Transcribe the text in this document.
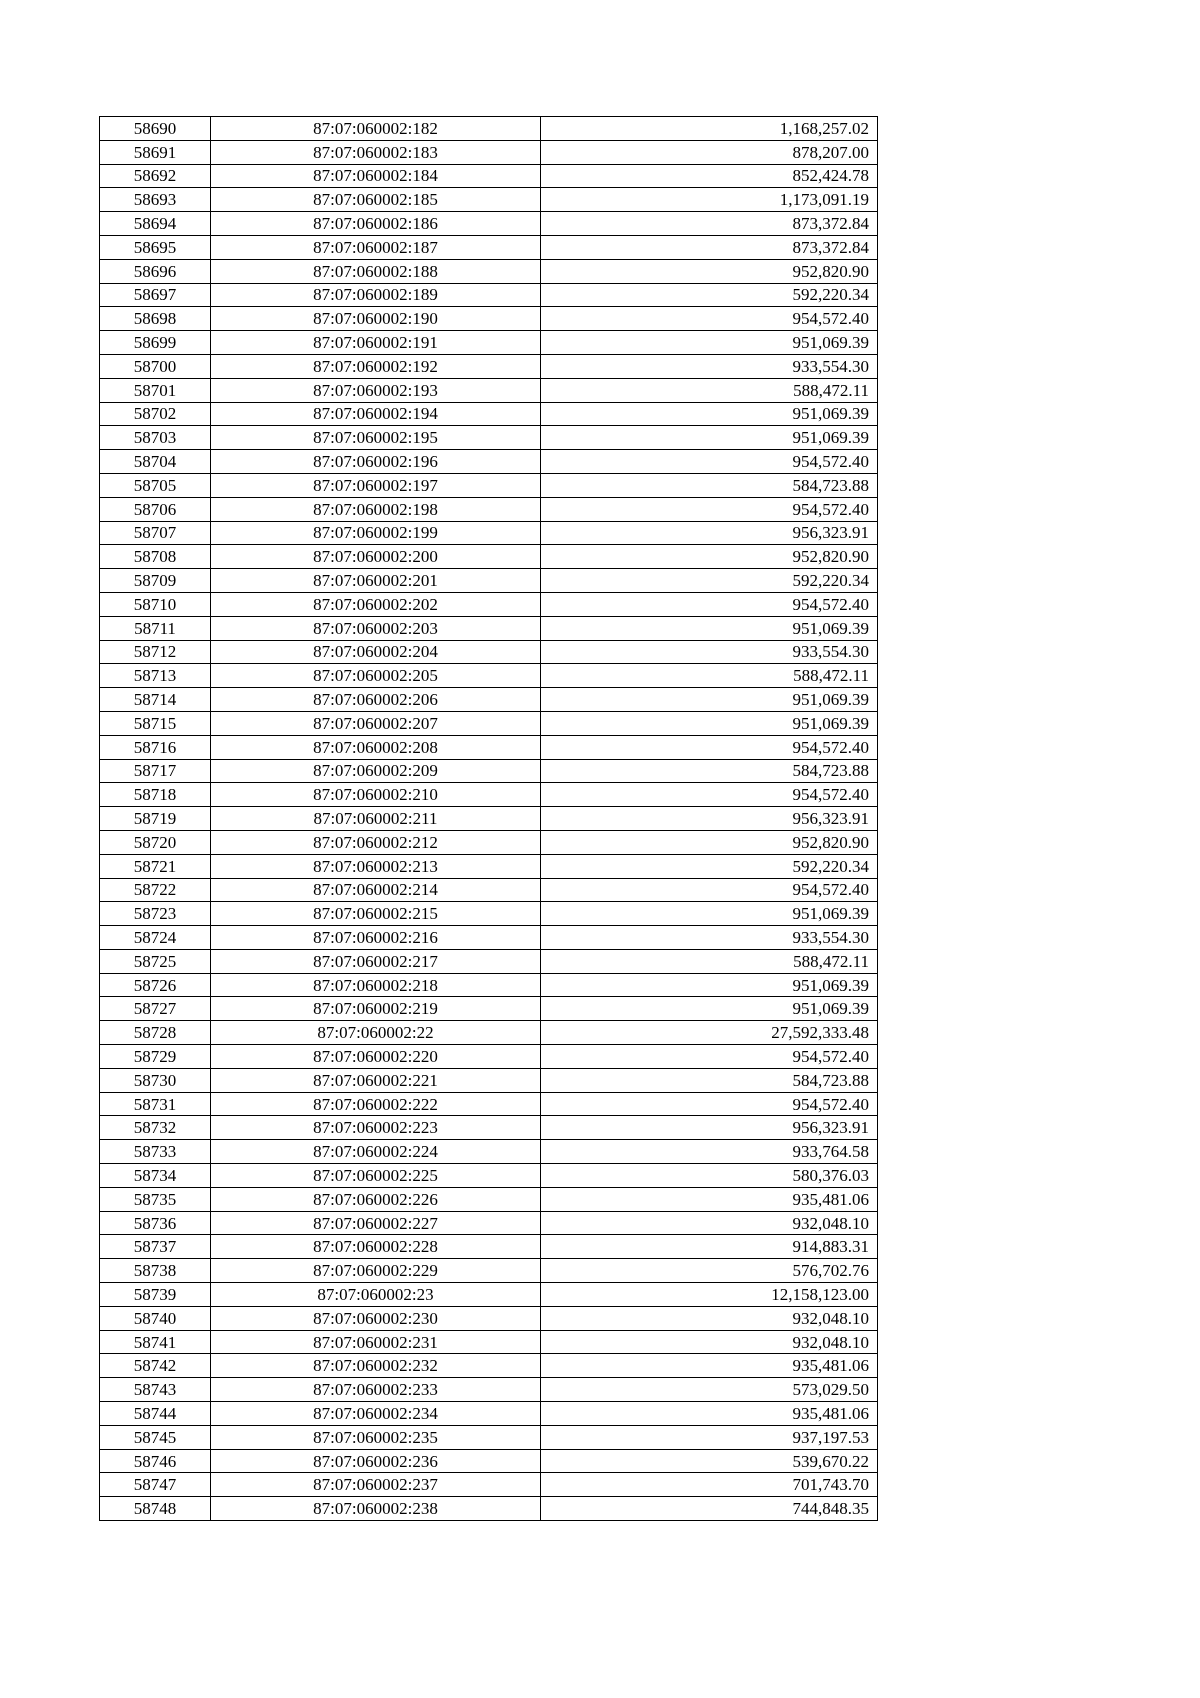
58690	87:07:060002:182	1,168,257.02
58691	87:07:060002:183	878,207.00
58692	87:07:060002:184	852,424.78
58693	87:07:060002:185	1,173,091.19
58694	87:07:060002:186	873,372.84
58695	87:07:060002:187	873,372.84
58696	87:07:060002:188	952,820.90
58697	87:07:060002:189	592,220.34
58698	87:07:060002:190	954,572.40
58699	87:07:060002:191	951,069.39
58700	87:07:060002:192	933,554.30
58701	87:07:060002:193	588,472.11
58702	87:07:060002:194	951,069.39
58703	87:07:060002:195	951,069.39
58704	87:07:060002:196	954,572.40
58705	87:07:060002:197	584,723.88
58706	87:07:060002:198	954,572.40
58707	87:07:060002:199	956,323.91
58708	87:07:060002:200	952,820.90
58709	87:07:060002:201	592,220.34
58710	87:07:060002:202	954,572.40
58711	87:07:060002:203	951,069.39
58712	87:07:060002:204	933,554.30
58713	87:07:060002:205	588,472.11
58714	87:07:060002:206	951,069.39
58715	87:07:060002:207	951,069.39
58716	87:07:060002:208	954,572.40
58717	87:07:060002:209	584,723.88
58718	87:07:060002:210	954,572.40
58719	87:07:060002:211	956,323.91
58720	87:07:060002:212	952,820.90
58721	87:07:060002:213	592,220.34
58722	87:07:060002:214	954,572.40
58723	87:07:060002:215	951,069.39
58724	87:07:060002:216	933,554.30
58725	87:07:060002:217	588,472.11
58726	87:07:060002:218	951,069.39
58727	87:07:060002:219	951,069.39
58728	87:07:060002:22	27,592,333.48
58729	87:07:060002:220	954,572.40
58730	87:07:060002:221	584,723.88
58731	87:07:060002:222	954,572.40
58732	87:07:060002:223	956,323.91
58733	87:07:060002:224	933,764.58
58734	87:07:060002:225	580,376.03
58735	87:07:060002:226	935,481.06
58736	87:07:060002:227	932,048.10
58737	87:07:060002:228	914,883.31
58738	87:07:060002:229	576,702.76
58739	87:07:060002:23	12,158,123.00
58740	87:07:060002:230	932,048.10
58741	87:07:060002:231	932,048.10
58742	87:07:060002:232	935,481.06
58743	87:07:060002:233	573,029.50
58744	87:07:060002:234	935,481.06
58745	87:07:060002:235	937,197.53
58746	87:07:060002:236	539,670.22
58747	87:07:060002:237	701,743.70
58748	87:07:060002:238	744,848.35
